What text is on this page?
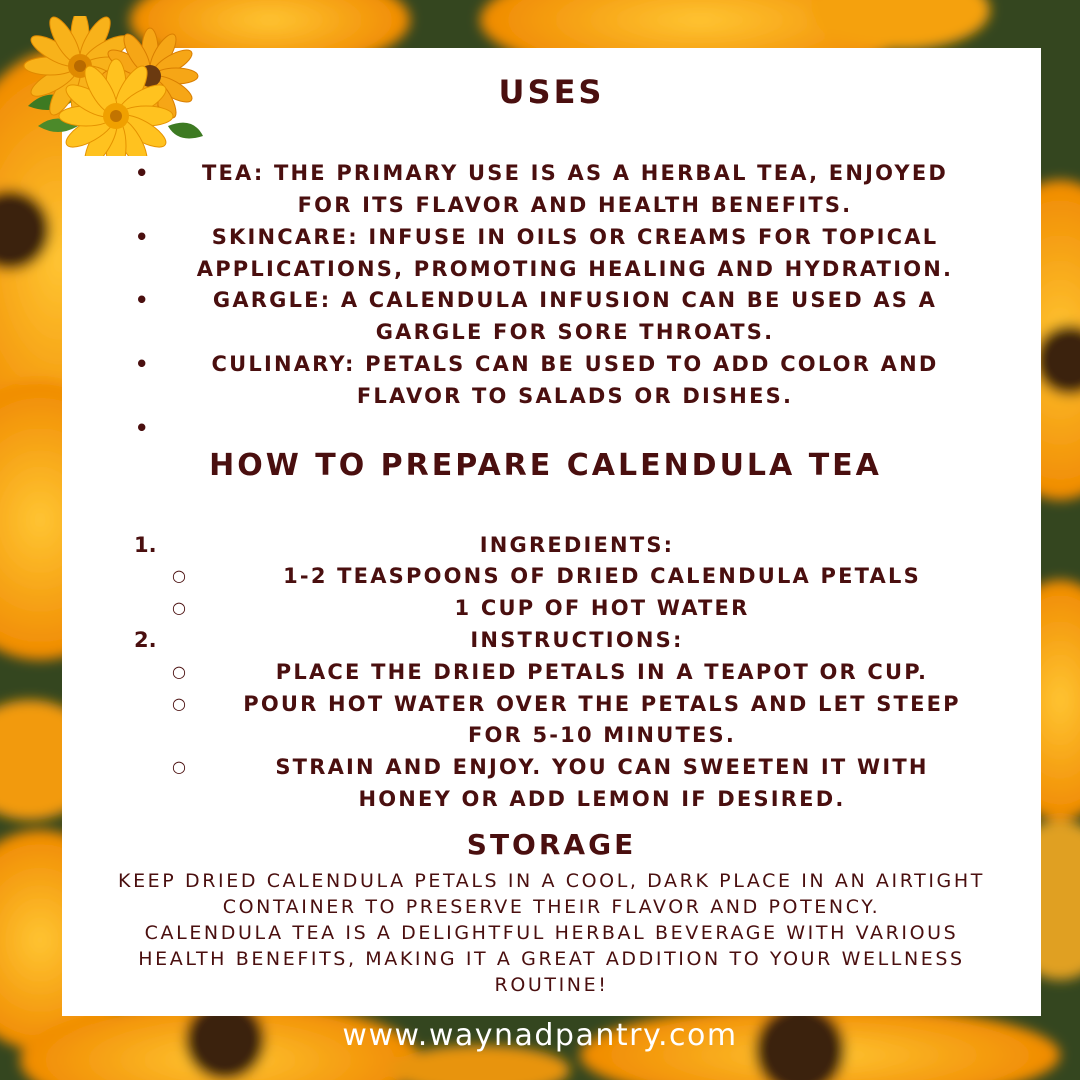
USES
•	TEA: THE PRIMARY USE IS AS A HERBAL TEA, ENJOYED
FOR ITS FLAVOR AND HEALTH BENEFITS.
•	SKINCARE: INFUSE IN OILS OR CREAMS FOR TOPICAL
APPLICATIONS, PROMOTING HEALING AND HYDRATION.
•	GARGLE: A CALENDULA INFUSION CAN BE USED AS A
GARGLE FOR SORE THROATS.
•	CULINARY: PETALS CAN BE USED TO ADD COLOR AND
FLAVOR TO SALADS OR DISHES.
•
HOW TO PREPARE CALENDULA TEA
1.	INGREDIENTS:
○	1-2 TEASPOONS OF DRIED CALENDULA PETALS
○	1 CUP OF HOT WATER
2.	INSTRUCTIONS:
○	PLACE THE DRIED PETALS IN A TEAPOT OR CUP.
○	POUR HOT WATER OVER THE PETALS AND LET STEEP
FOR 5-10 MINUTES.
○	STRAIN AND ENJOY. YOU CAN SWEETEN IT WITH
HONEY OR ADD LEMON IF DESIRED.
STORAGE
KEEP DRIED CALENDULA PETALS IN A COOL, DARK PLACE IN AN AIRTIGHT
CONTAINER TO PRESERVE THEIR FLAVOR AND POTENCY.
CALENDULA TEA IS A DELIGHTFUL HERBAL BEVERAGE WITH VARIOUS
HEALTH BENEFITS, MAKING IT A GREAT ADDITION TO YOUR WELLNESS
ROUTINE!
www.waynadpantry.com
